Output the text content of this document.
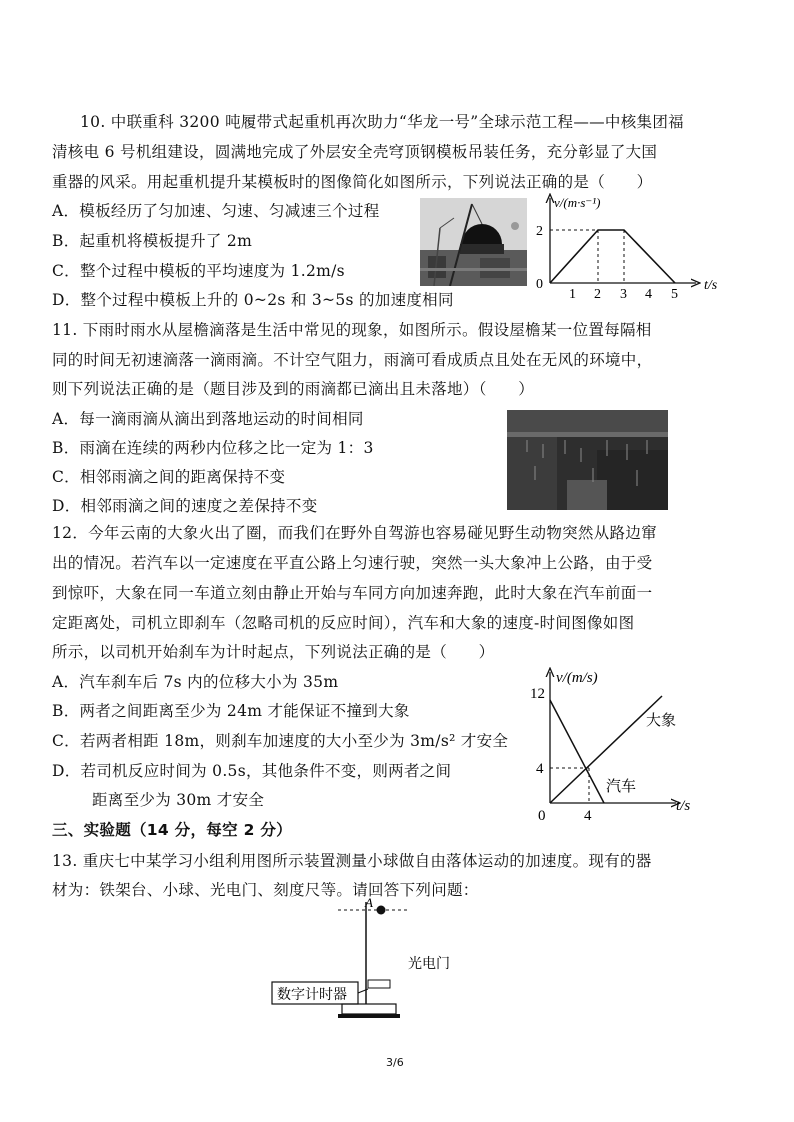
10. 中联重科 3200 吨履带式起重机再次助力“华龙一号”全球示范工程——中核集团福
清核电 6 号机组建设，圆满地完成了外层安全壳穹顶钢模板吊装任务，充分彰显了大国
重器的风采。用起重机提升某模板时的图像简化如图所示，下列说法正确的是（　　）
A．模板经历了匀加速、匀速、匀减速三个过程
B．起重机将模板提升了 2m
C．整个过程中模板的平均速度为 1.2m/s
D．整个过程中模板上升的 0~2s 和 3~5s 的加速度相同
v/(m·s⁻¹)
t/s
0
2
1 2 3 4 5
11. 下雨时雨水从屋檐滴落是生活中常见的现象，如图所示。假设屋檐某一位置每隔相
同的时间无初速滴落一滴雨滴。不计空气阻力，雨滴可看成质点且处在无风的环境中，
则下列说法正确的是（题目涉及到的雨滴都已滴出且未落地）（　　）
A．每一滴雨滴从滴出到落地运动的时间相同
B．雨滴在连续的两秒内位移之比一定为 1：3
C．相邻雨滴之间的距离保持不变
D．相邻雨滴之间的速度之差保持不变
12．今年云南的大象火出了圈，而我们在野外自驾游也容易碰见野生动物突然从路边窜
出的情况。若汽车以一定速度在平直公路上匀速行驶，突然一头大象冲上公路，由于受
到惊吓，大象在同一车道立刻由静止开始与车同方向加速奔跑，此时大象在汽车前面一
定距离处，司机立即刹车（忽略司机的反应时间），汽车和大象的速度-时间图像如图
所示，以司机开始刹车为计时起点，下列说法正确的是（　　）
A．汽车刹车后 7s 内的位移大小为 35m
B．两者之间距离至少为 24m 才能保证不撞到大象
C．若两者相距 18m，则刹车加速度的大小至少为 3m/s² 才安全
D．若司机反应时间为 0.5s，其他条件不变，则两者之间
距离至少为 30m 才安全
v/(m/s)
t/s
12
4
0	4
大象
汽车
三、实验题（14 分，每空 2 分）
13. 重庆七中某学习小组利用图所示装置测量小球做自由落体运动的加速度。现有的器
材为：铁架台、小球、光电门、刻度尺等。请回答下列问题：
A
数字计时器
光电门
3/6
